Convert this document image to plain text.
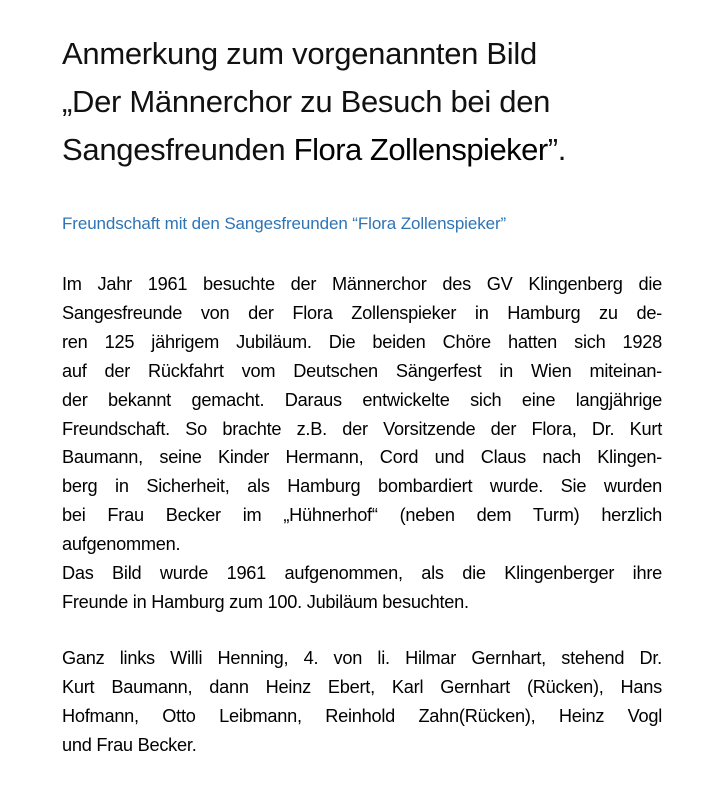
Anmerkung zum vorgenannten Bild
„Der Männerchor zu Besuch bei den
Sangesfreunden Flora Zollenspieker”.
Freundschaft mit den Sangesfreunden “Flora Zollenspieker”
Im Jahr 1961 besuchte der Männerchor des GV Klingenberg die
Sangesfreunde von der Flora Zollenspieker in Hamburg zu de-
ren 125 jährigem Jubiläum. Die beiden Chöre hatten sich 1928
auf der Rückfahrt vom Deutschen Sängerfest in Wien miteinan-
der bekannt gemacht. Daraus entwickelte sich eine langjährige
Freundschaft. So brachte z.B. der Vorsitzende der Flora, Dr. Kurt
Baumann, seine Kinder Hermann, Cord und Claus nach Klingen-
berg in Sicherheit, als Hamburg bombardiert wurde. Sie wurden
bei Frau Becker im „Hühnerhof“ (neben dem Turm) herzlich
aufgenommen.
Das Bild wurde 1961 aufgenommen, als die Klingenberger ihre
Freunde in Hamburg zum 100. Jubiläum besuchten.
Ganz links Willi Henning, 4. von li. Hilmar Gernhart, stehend Dr.
Kurt Baumann, dann Heinz Ebert, Karl Gernhart (Rücken), Hans
Hofmann, Otto Leibmann, Reinhold Zahn(Rücken), Heinz Vogl
und Frau Becker.
